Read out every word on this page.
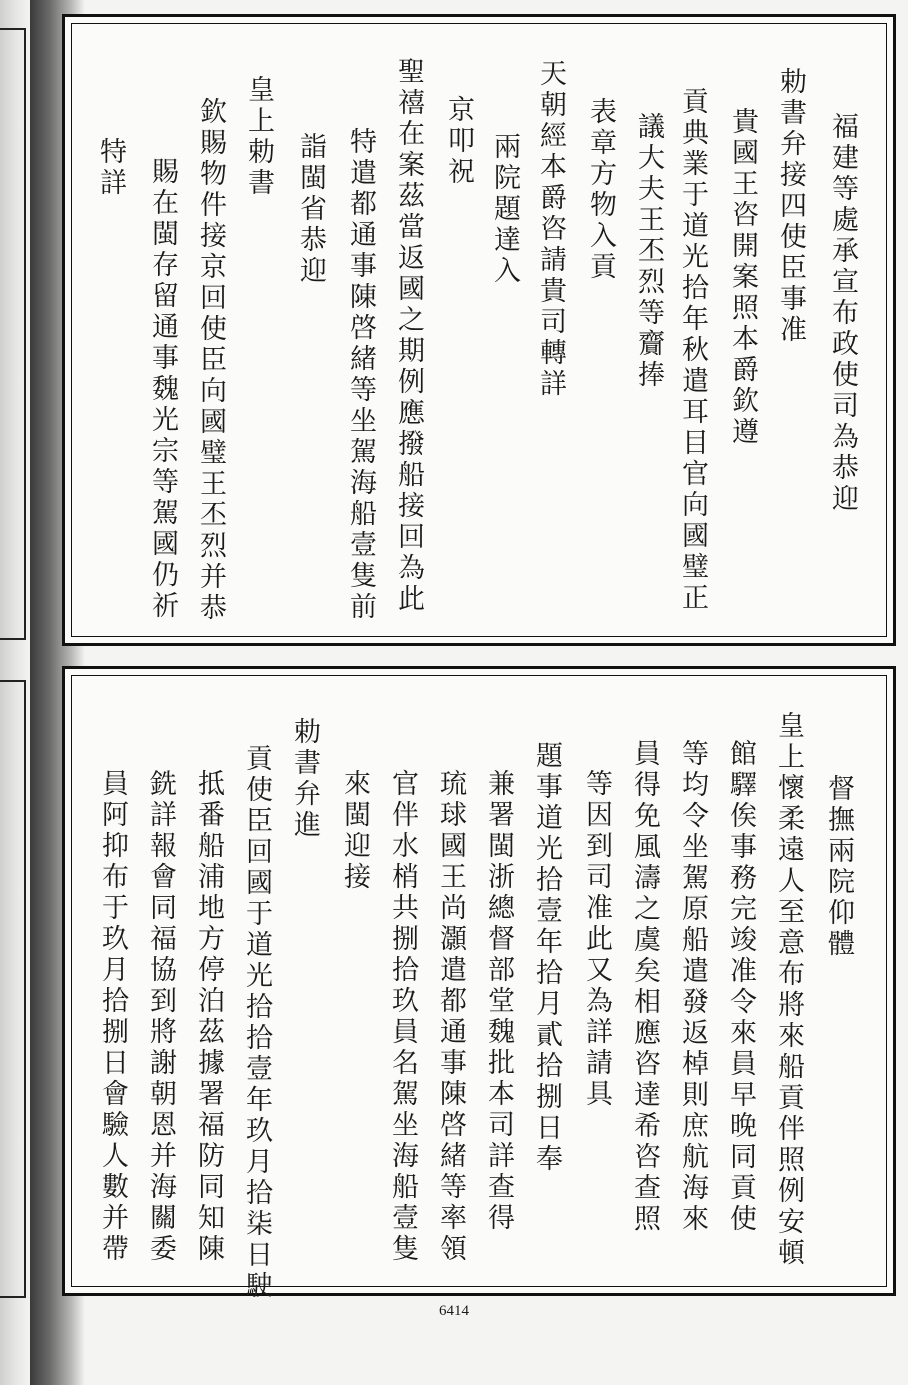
福建等處承宣布政使司為恭迎
勅書弁接四使臣事准
貴國王咨開案照本爵欽遵
貢典業于道光拾年秋遣耳目官向國璧正
議大夫王丕烈等齎捧
表章方物入貢
天朝經本爵咨請貴司轉詳
兩院題達入
京叩祝
聖禧在案茲當返國之期例應撥船接回為此
特遣都通事陳啓緒等坐駕海船壹隻前
詣閩省恭迎
皇上勅書
欽賜物件接京回使臣向國璧王丕烈并恭
賜在閩存留通事魏光宗等駕國仍祈
特詳
皇上懷柔遠人至意布將來船貢伴照例安頓 督撫兩院仰體
館驛俟事務完竣准令來員早晚同貢使
等均令坐駕原船遣發返棹則庶航海來
員得免風濤之虞矣相應咨達希咨查照
等因到司准此又為詳請具
題事道光拾壹年拾月貳拾捌日奉
兼署閩浙總督部堂魏批本司詳查得
琉球國王尚灝遣都通事陳啓緒等率領
官伴水梢共捌拾玖員名駕坐海船壹隻
來閩迎接
勅書弁進
貢使臣回國于道光拾拾壹年玖月拾柒日駛
抵番船浦地方停泊茲據署福防同知陳
銑詳報會同福協到將謝朝恩并海關委
員阿抑布于玖月拾捌日會驗人數并帶
6414
